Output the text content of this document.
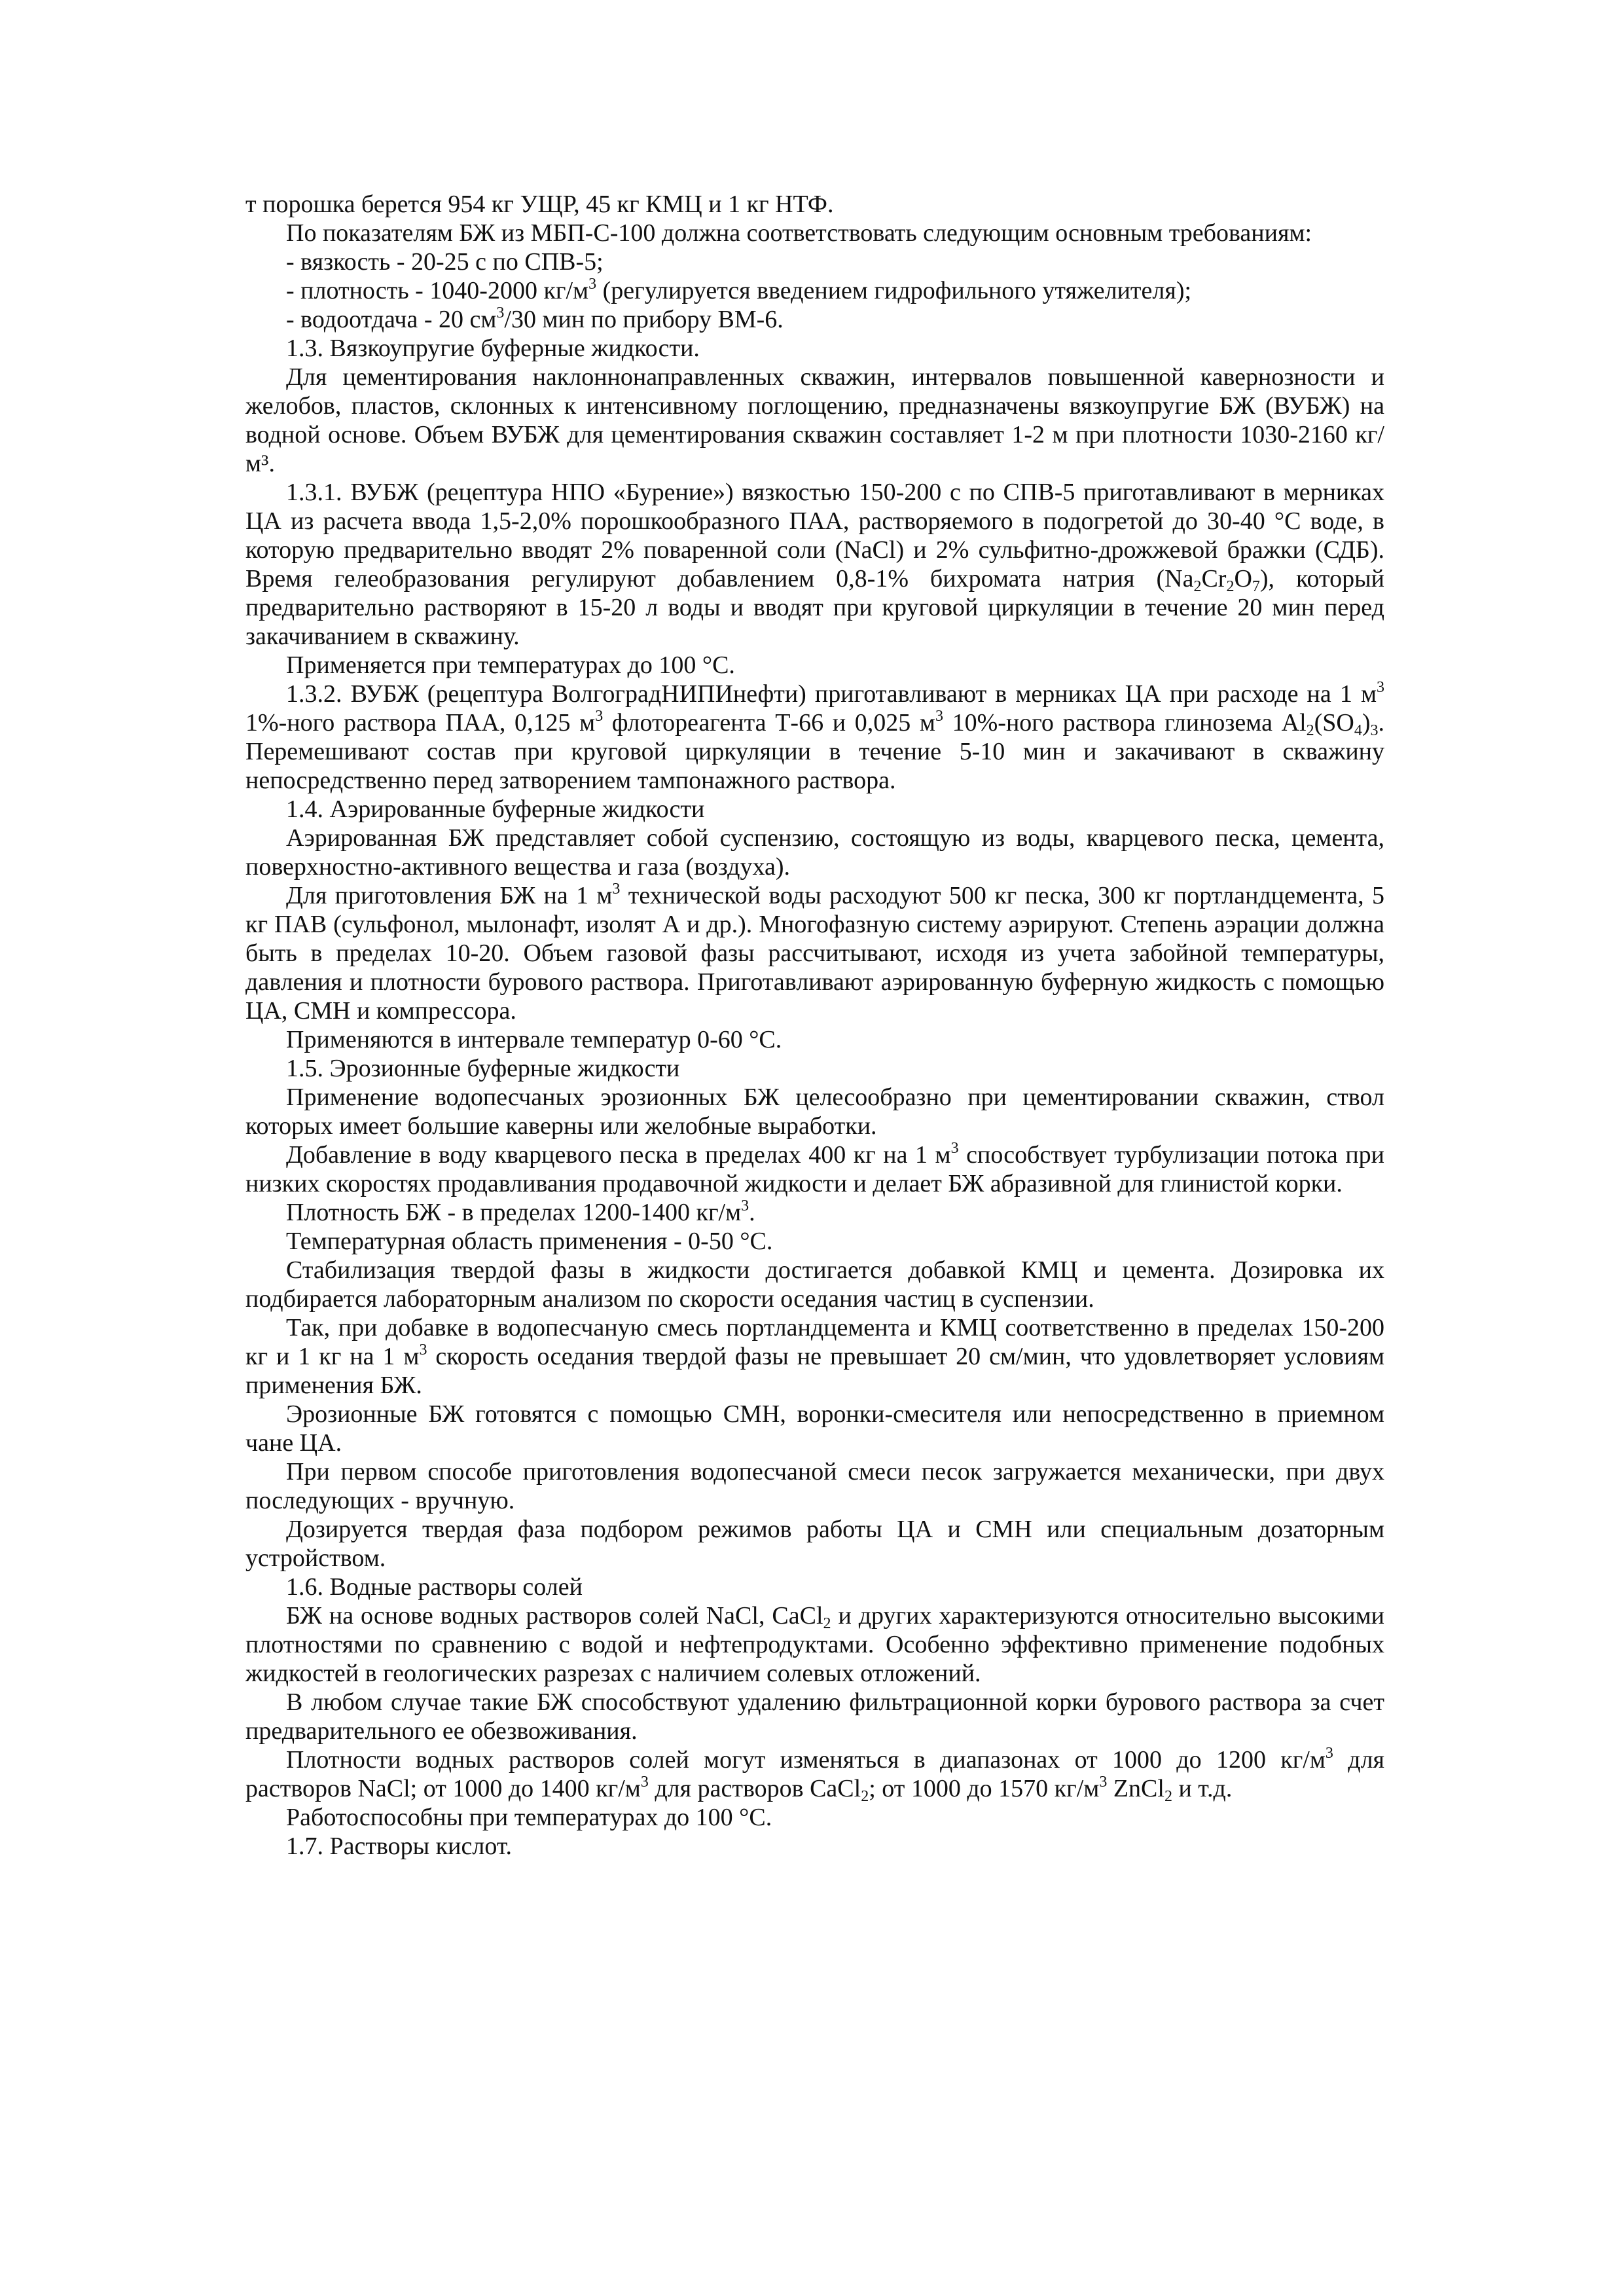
т порошка берется 954 кг УЩР, 45 кг КМЦ и 1 кг НТФ.

По показателям БЖ из МБП-С-100 должна соответствовать следующим основным требованиям:

- вязкость - 20-25 с по СПВ-5;

- плотность - 1040-2000 $кг/м^3$ (регулируется введением гидрофильного утяжелителя);

- водоотдача - 20 $см^3/30$ мин по прибору ВМ-6.

1.3. Вязкоупругие буферные жидкости.

Для цементирования наклоннонаправленных скважин, интервалов повышенной кавернозности и желобов, пластов, склонных к интенсивному поглощению, предназначены вязкоупругие БЖ (ВУБЖ) на водной основе. Объем ВУБЖ для цементирования скважин составляет 1-2 м при плотности 1030-2160 кг/м³.

1.3.1. ВУБЖ (рецептура НПО «Бурение») вязкостью 150-200 с по СПВ-5 приготавливают в мерниках ЦА из расчета ввода 1,5-2,0% порошкообразного ПАА, растворяемого в подогретой до 30-40 °С воде, в которую предварительно вводят 2% поваренной соли (NaCl) и 2% сульфитно-дрожжевой бражки (СДБ). Время гелеобразования регулируют добавлением 0,8-1% бихромата натрия $(Na_2Cr_2O_7)$, который предварительно растворяют в 15-20 л воды и вводят при круговой циркуляции в течение 20 мин перед закачиванием в скважину.

Применяется при температурах до 100 °С.

1.3.2. ВУБЖ (рецептура ВолгоградНИПИнефти) приготавливают в мерниках ЦА при расходе на 1 $м^3$ 1%-ного раствора ПАА, 0,125 $м^3$ флотореагента Т-66 и 0,025 $м^3$ 10%-ного раствора глинозема $Al_2(SO_4)_3$. Перемешивают состав при круговой циркуляции в течение 5-10 мин и закачивают в скважину непосредственно перед затворением тампонажного раствора.

1.4. Аэрированные буферные жидкости

Аэрированная БЖ представляет собой суспензию, состоящую из воды, кварцевого песка, цемента, поверхностно-активного вещества и газа (воздуха).

Для приготовления БЖ на 1 $м^3$ технической воды расходуют 500 кг песка, 300 кг портландцемента, 5 кг ПАВ (сульфонол, мылонафт, изолят А и др.). Многофазную систему аэрируют. Степень аэрации должна быть в пределах 10-20. Объем газовой фазы рассчитывают, исходя из учета забойной температуры, давления и плотности бурового раствора. Приготавливают аэрированную буферную жидкость с помощью ЦА, СМН и компрессора.

Применяются в интервале температур 0-60 °С.

1.5. Эрозионные буферные жидкости

Применение водопесчаных эрозионных БЖ целесообразно при цементировании скважин, ствол которых имеет большие каверны или желобные выработки.

Добавление в воду кварцевого песка в пределах 400 кг на 1 $м^3$ способствует турбулизации потока при низких скоростях продавливания продавочной жидкости и делает БЖ абразивной для глинистой корки.

Плотность БЖ - в пределах 1200-1400 $кг/м^3$.

Температурная область применения - 0-50 °С.

Стабилизация твердой фазы в жидкости достигается добавкой КМЦ и цемента. Дозировка их подбирается лабораторным анализом по скорости оседания частиц в суспензии.

Так, при добавке в водопесчаную смесь портландцемента и КМЦ соответственно в пределах 150-200 кг и 1 кг на 1 $м^3$ скорость оседания твердой фазы не превышает 20 см/мин, что удовлетворяет условиям применения БЖ.

Эрозионные БЖ готовятся с помощью СМН, воронки-смесителя или непосредственно в приемном чане ЦА.

При первом способе приготовления водопесчаной смеси песок загружается механически, при двух последующих - вручную.

Дозируется твердая фаза подбором режимов работы ЦА и СМН или специальным дозаторным устройством.

1.6. Водные растворы солей

БЖ на основе водных растворов солей NaCl, CaCl$_2$ и других характеризуются относительно высокими плотностями по сравнению с водой и нефтепродуктами. Особенно эффективно применение подобных жидкостей в геологических разрезах с наличием солевых отложений.

В любом случае такие БЖ способствуют удалению фильтрационной корки бурового раствора за счет предварительного ее обезвоживания.

Плотности водных растворов солей могут изменяться в диапазонах от 1000 до 1200 $кг/м^3$ для растворов NaCl; от 1000 до 1400 $кг/м^3$ для растворов CaCl$_2$; от 1000 до 1570 $кг/м^3$ ZnCl$_2$ и т.д.

Работоспособны при температурах до 100 °С.

1.7. Растворы кислот.
